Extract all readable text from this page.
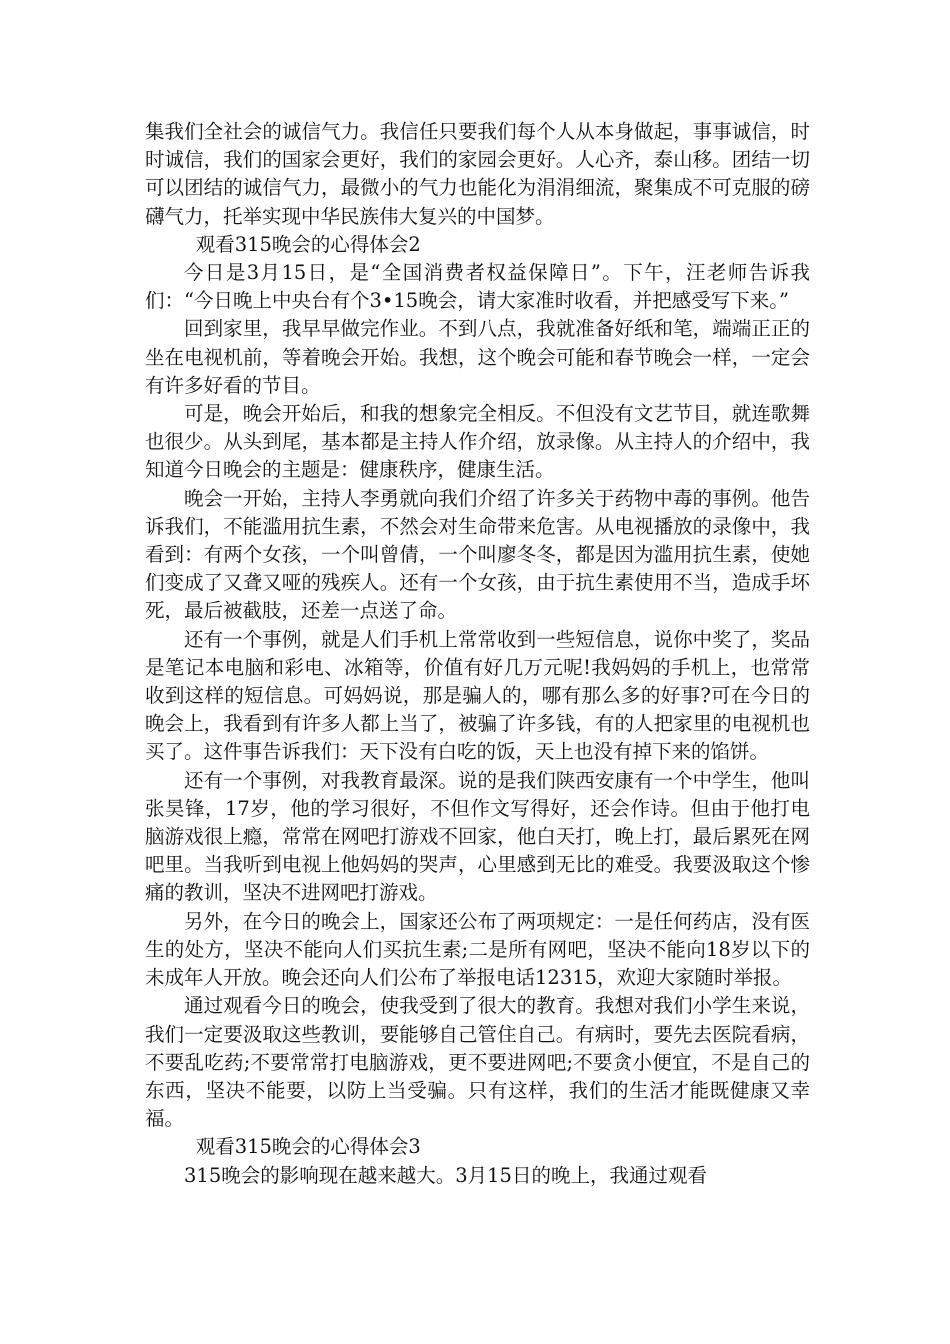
集我们全社会的诚信气力。我信任只要我们每个人从本身做起，事事诚信，时时诚信，我们的国家会更好，我们的家园会更好。人心齐，泰山移。团结一切可以团结的诚信气力，最微小的气力也能化为涓涓细流，聚集成不可克服的磅礴气力，托举实现中华民族伟大复兴的中国梦。

观看315晚会的心得体会2

今日是3月15日，是“全国消费者权益保障日”。下午，汪老师告诉我们：“今日晚上中央台有个3•15晚会，请大家准时收看，并把感受写下来。”

回到家里，我早早做完作业。不到八点，我就准备好纸和笔，端端正正的坐在电视机前，等着晚会开始。我想，这个晚会可能和春节晚会一样，一定会有许多好看的节目。

可是，晚会开始后，和我的想象完全相反。不但没有文艺节目，就连歌舞也很少。从头到尾，基本都是主持人作介绍，放录像。从主持人的介绍中，我知道今日晚会的主题是：健康秩序，健康生活。

晚会一开始，主持人李勇就向我们介绍了许多关于药物中毒的事例。他告诉我们，不能滥用抗生素，不然会对生命带来危害。从电视播放的录像中，我看到：有两个女孩，一个叫曾倩，一个叫廖冬冬，都是因为滥用抗生素，使她们变成了又聋又哑的残疾人。还有一个女孩，由于抗生素使用不当，造成手坏死，最后被截肢，还差一点送了命。

还有一个事例，就是人们手机上常常收到一些短信息，说你中奖了，奖品是笔记本电脑和彩电、冰箱等，价值有好几万元呢!我妈妈的手机上，也常常收到这样的短信息。可妈妈说，那是骗人的，哪有那么多的好事?可在今日的晚会上，我看到有许多人都上当了，被骗了许多钱，有的人把家里的电视机也买了。这件事告诉我们：天下没有白吃的饭，天上也没有掉下来的馅饼。

还有一个事例，对我教育最深。说的是我们陕西安康有一个中学生，他叫张昊锋，17岁，他的学习很好，不但作文写得好，还会作诗。但由于他打电脑游戏很上瘾，常常在网吧打游戏不回家，他白天打，晚上打，最后累死在网吧里。当我听到电视上他妈妈的哭声，心里感到无比的难受。我要汲取这个惨痛的教训，坚决不进网吧打游戏。

另外，在今日的晚会上，国家还公布了两项规定：一是任何药店，没有医生的处方，坚决不能向人们买抗生素;二是所有网吧，坚决不能向18岁以下的未成年人开放。晚会还向人们公布了举报电话12315，欢迎大家随时举报。

通过观看今日的晚会，使我受到了很大的教育。我想对我们小学生来说，我们一定要汲取这些教训，要能够自己管住自己。有病时，要先去医院看病，不要乱吃药;不要常常打电脑游戏，更不要进网吧;不要贪小便宜，不是自己的东西，坚决不能要，以防上当受骗。只有这样，我们的生活才能既健康又幸福。

观看315晚会的心得体会3

315晚会的影响现在越来越大。3月15日的晚上，我通过观看
